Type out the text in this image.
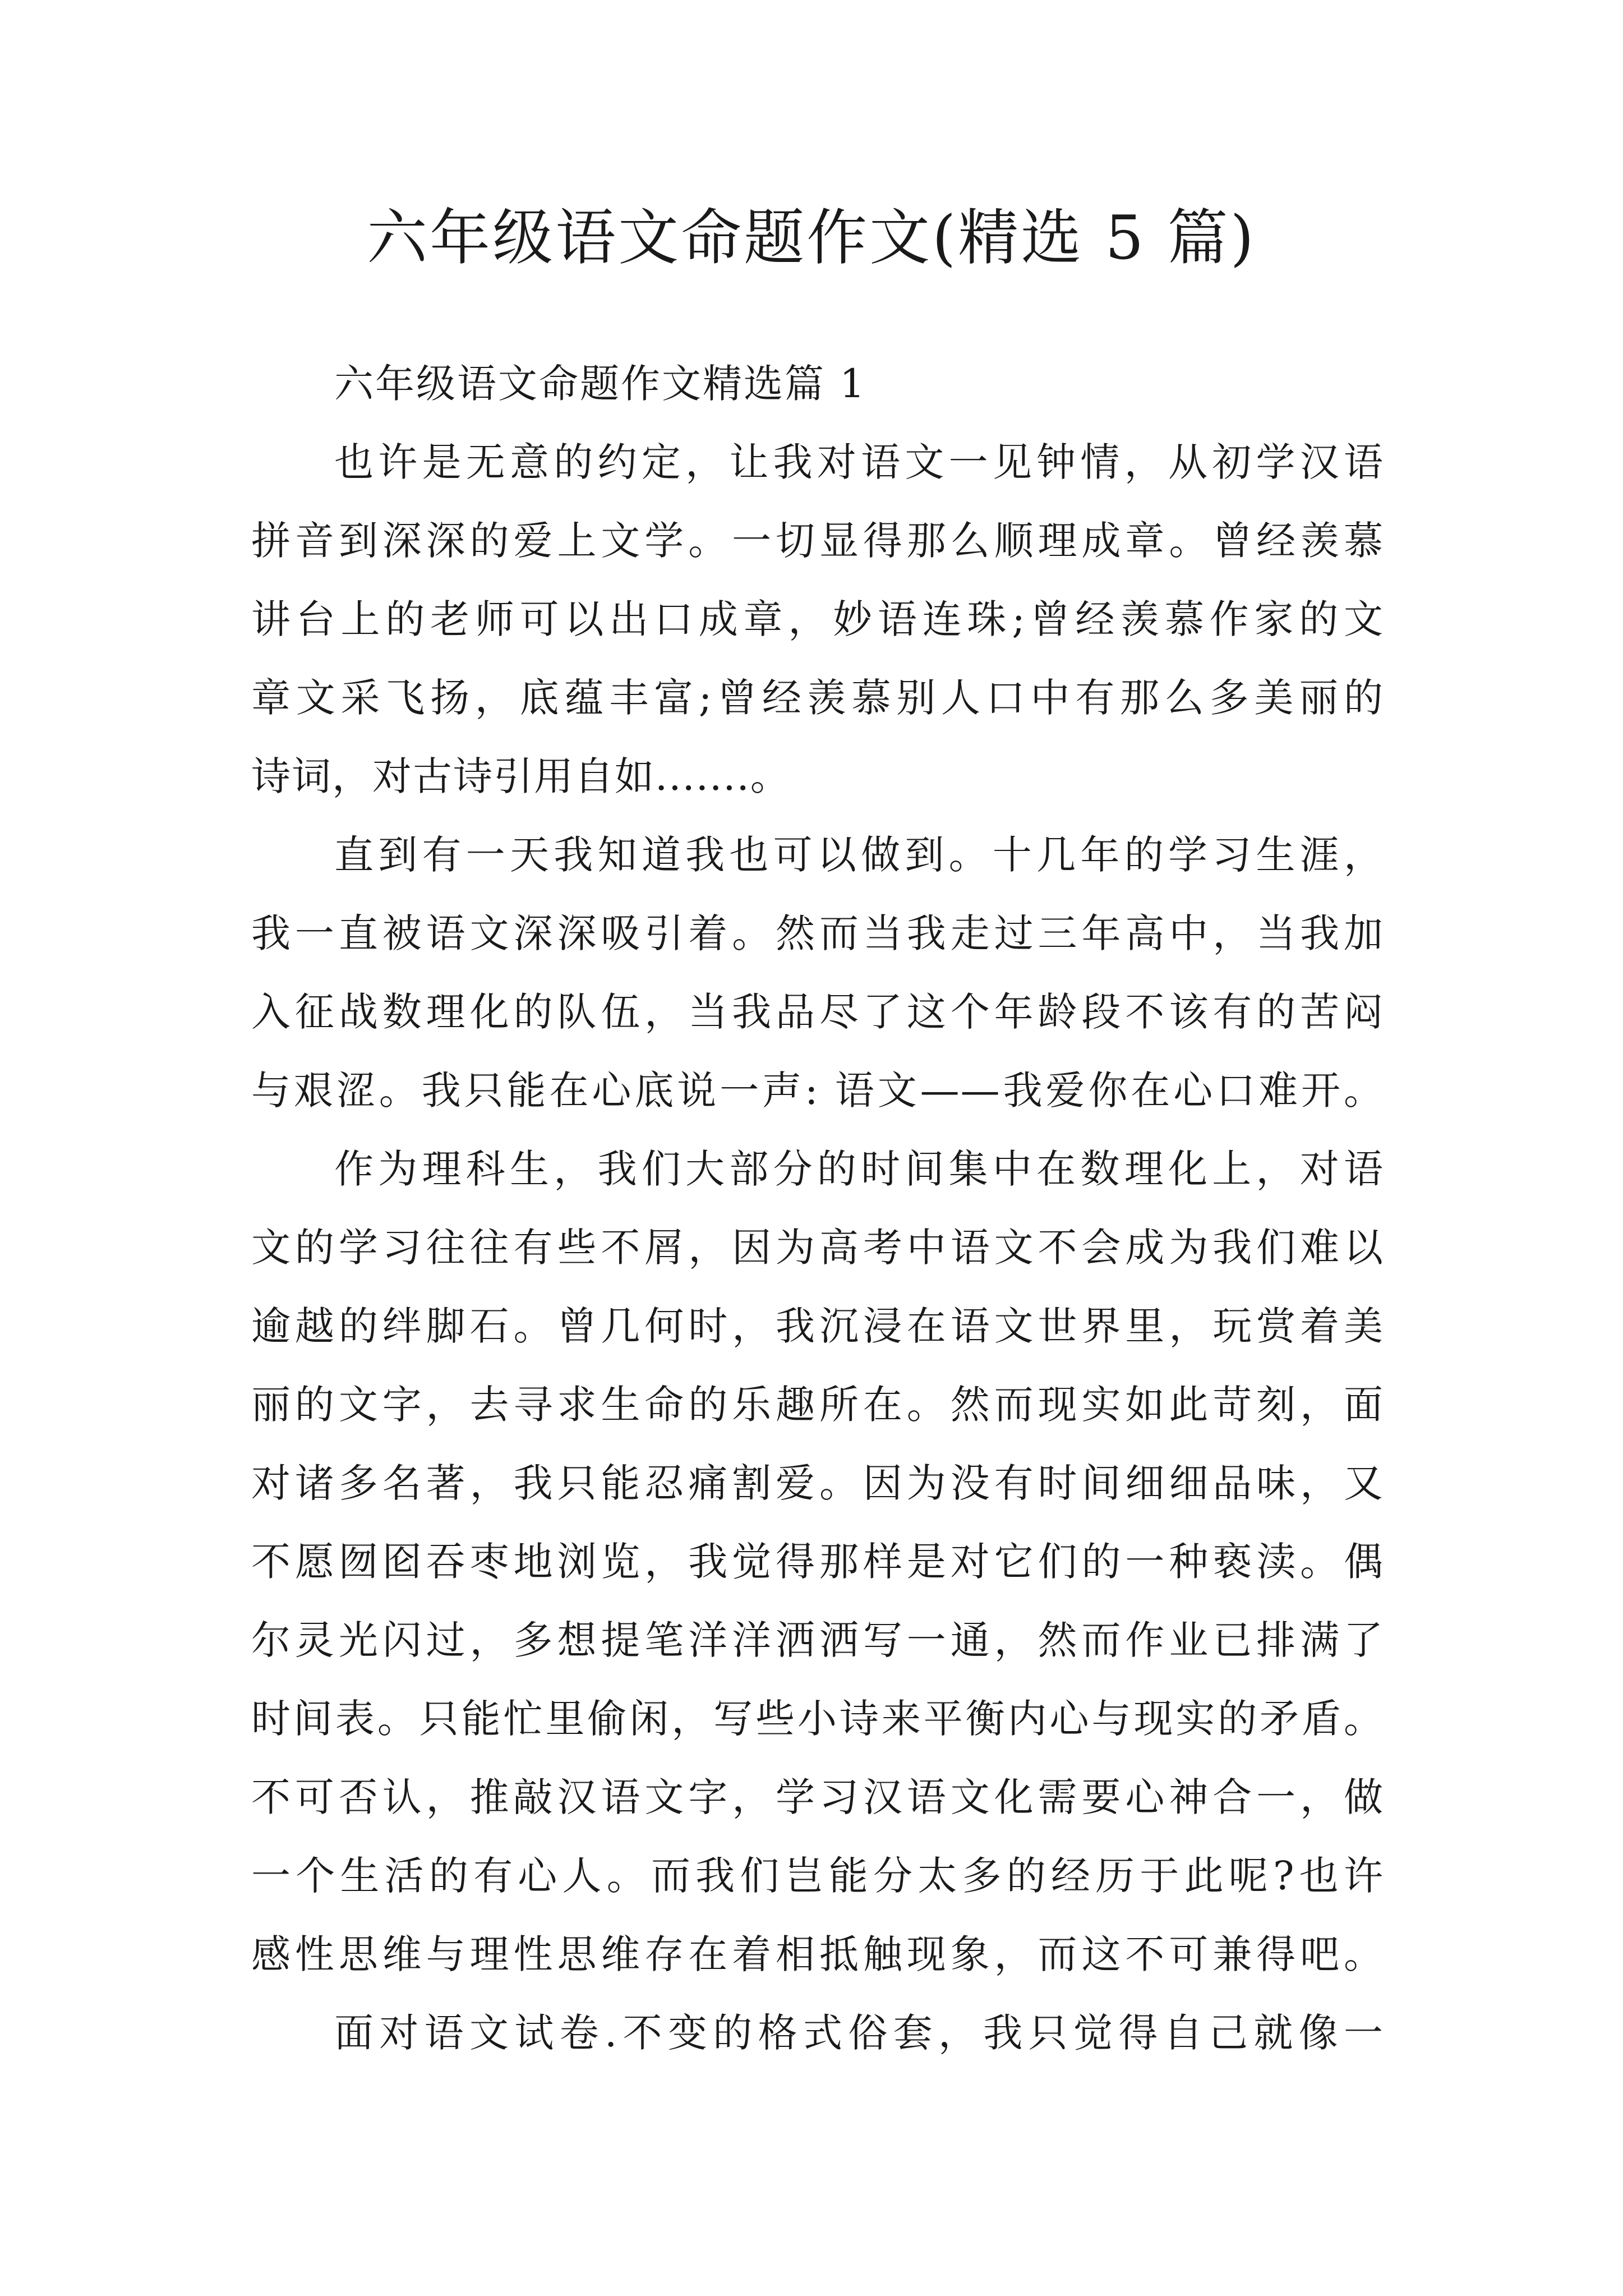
六年级语文命题作文(精选 5 篇)
六年级语文命题作文精选篇 1
也许是无意的约定，让我对语文一见钟情，从初学汉语
拼音到深深的爱上文学。一切显得那么顺理成章。曾经羡慕
讲台上的老师可以出口成章，妙语连珠;曾经羡慕作家的文
章文采飞扬，底蕴丰富;曾经羡慕别人口中有那么多美丽的
诗词，对古诗引用自如.......。
直到有一天我知道我也可以做到。十几年的学习生涯，
我一直被语文深深吸引着。然而当我走过三年高中，当我加
入征战数理化的队伍，当我品尽了这个年龄段不该有的苦闷
与艰涩。我只能在心底说一声: 语文——我爱你在心口难开。
作为理科生，我们大部分的时间集中在数理化上，对语
文的学习往往有些不屑，因为高考中语文不会成为我们难以
逾越的绊脚石。曾几何时，我沉浸在语文世界里，玩赏着美
丽的文字，去寻求生命的乐趣所在。然而现实如此苛刻，面
对诸多名著，我只能忍痛割爱。因为没有时间细细品味，又
不愿囫囵吞枣地浏览，我觉得那样是对它们的一种亵渎。偶
尔灵光闪过，多想提笔洋洋洒洒写一通，然而作业已排满了
时间表。只能忙里偷闲，写些小诗来平衡内心与现实的矛盾。
不可否认，推敲汉语文字，学习汉语文化需要心神合一，做
一个生活的有心人。而我们岂能分太多的经历于此呢?也许
感性思维与理性思维存在着相抵触现象，而这不可兼得吧。
面对语文试卷.不变的格式俗套，我只觉得自己就像一
